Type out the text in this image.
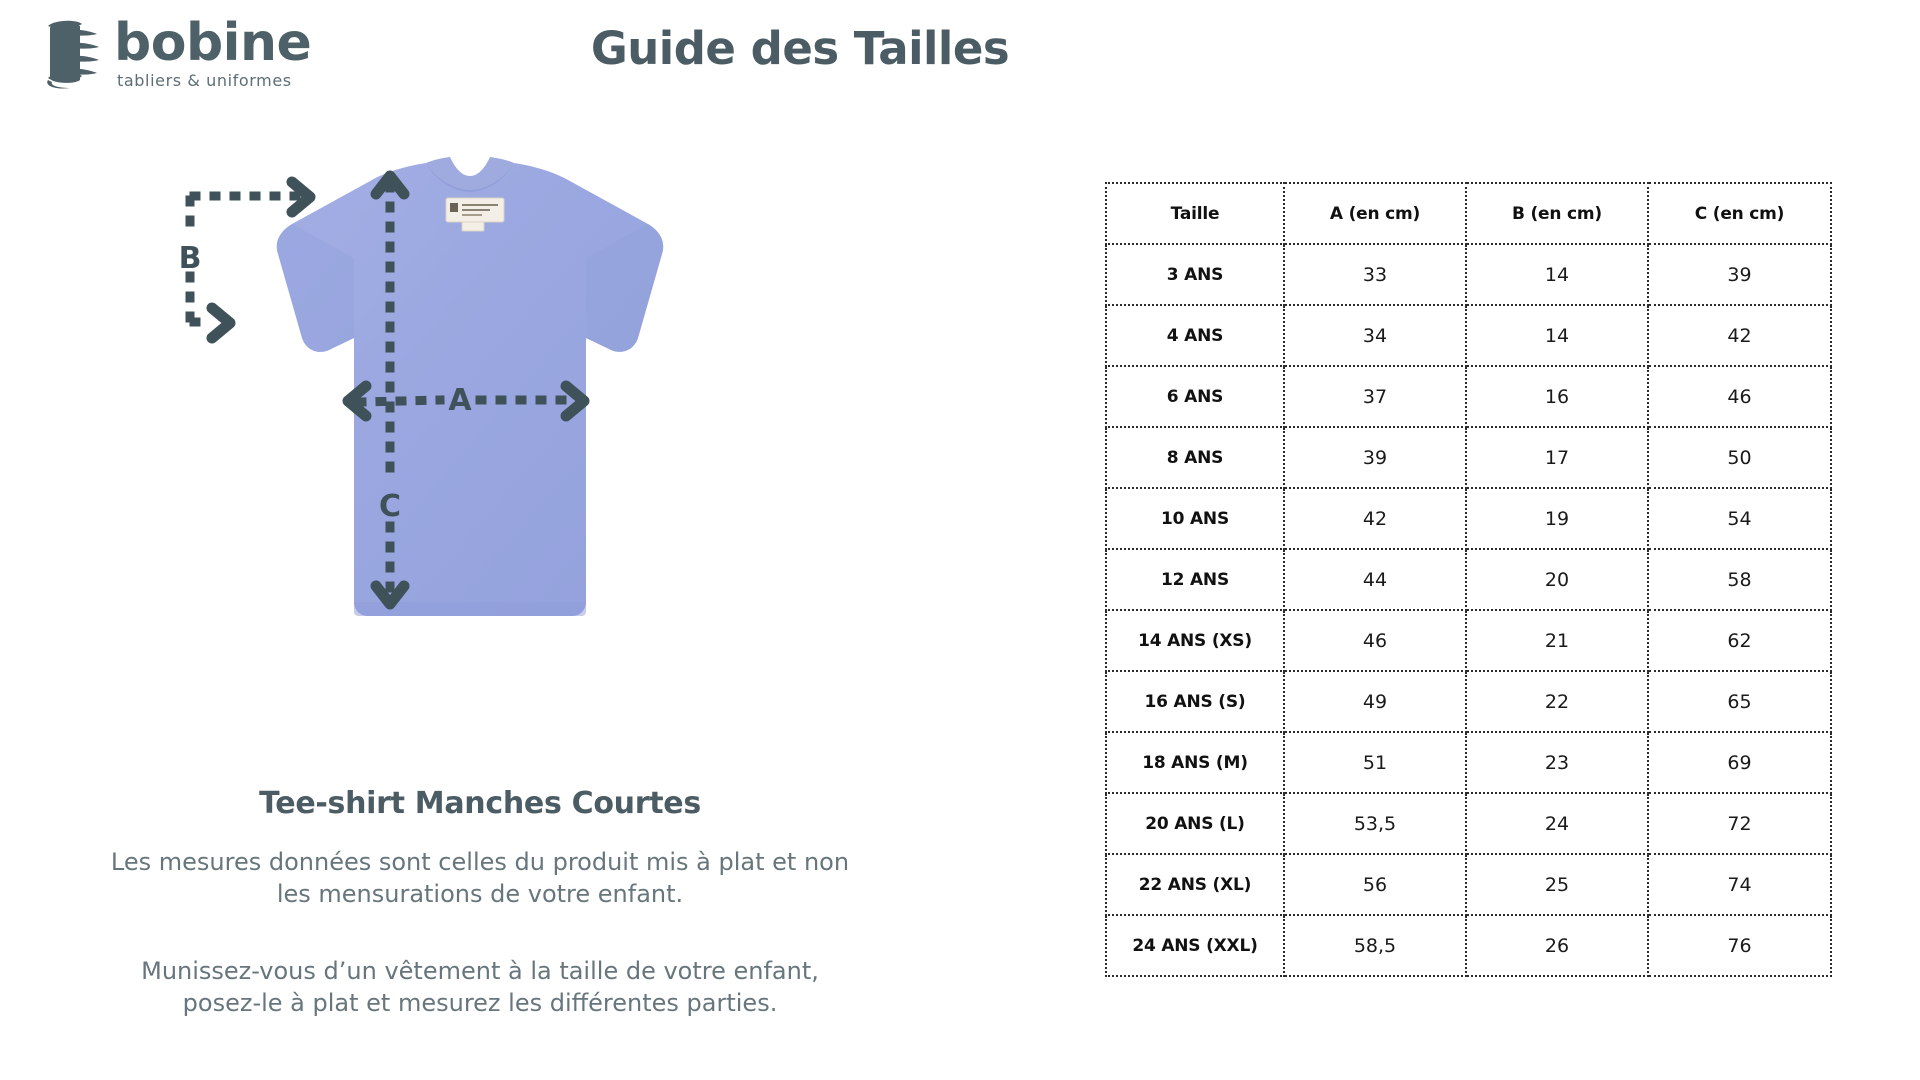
bobine
tabliers & uniformes
Guide des Tailles
A
C
B
Tee-shirt Manches Courtes
Les mesures données sont celles du produit mis à plat et non les mensurations de votre enfant.
Munissez-vous d’un vêtement à la taille de votre enfant, posez-le à plat et mesurez les différentes parties.
Taille	A (en cm)	B (en cm)	C (en cm)
3 ANS	33	14	39
4 ANS	34	14	42
6 ANS	37	16	46
8 ANS	39	17	50
10 ANS	42	19	54
12 ANS	44	20	58
14 ANS (XS)	46	21	62
16 ANS (S)	49	22	65
18 ANS (M)	51	23	69
20 ANS (L)	53,5	24	72
22 ANS (XL)	56	25	74
24 ANS (XXL)	58,5	26	76
